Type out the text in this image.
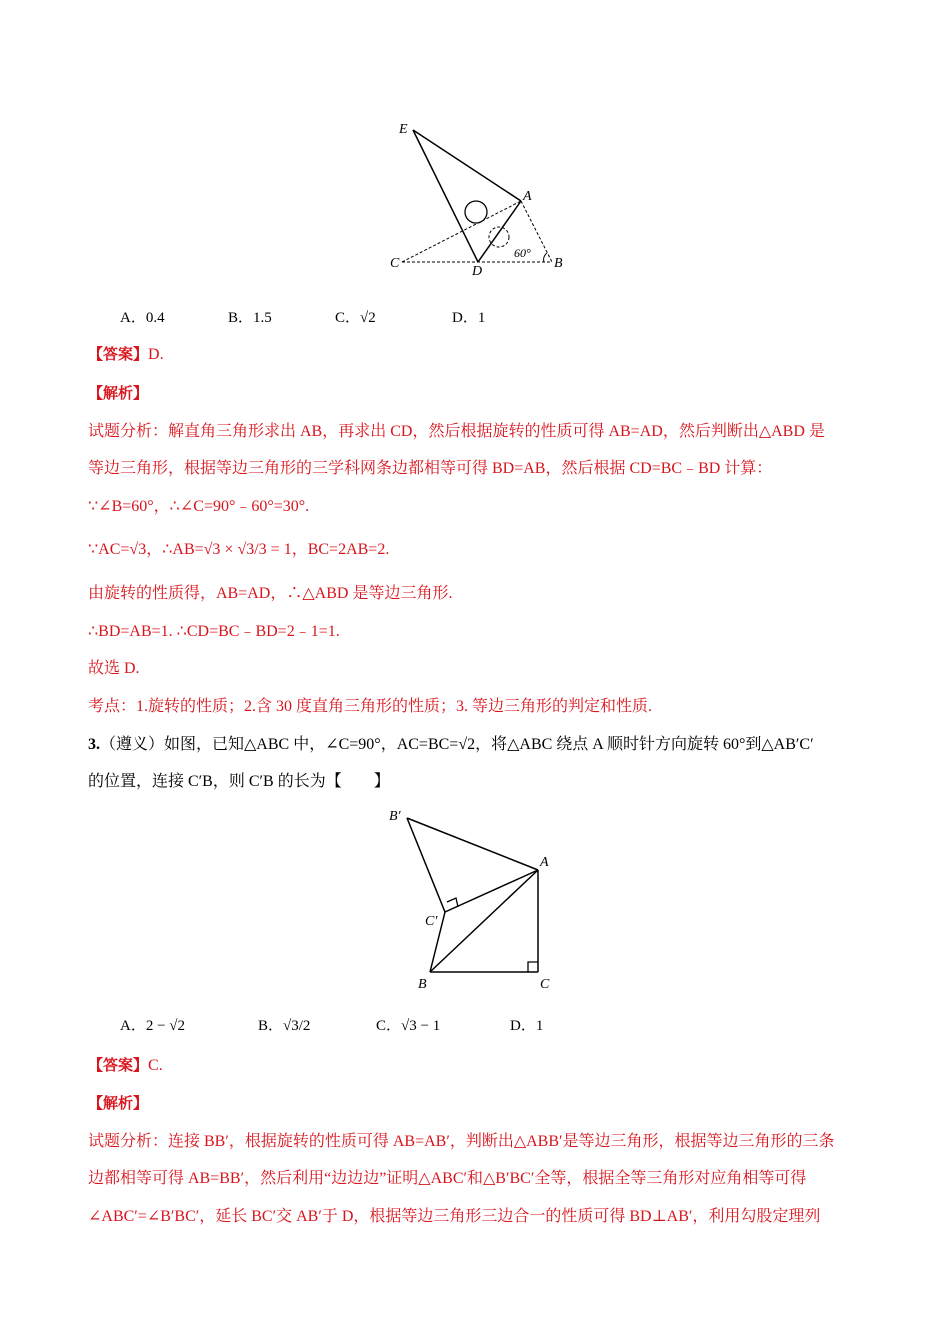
E
A
C
D
B
60°
A．0.4	B．1.5	C．√2	D．1
【答案】D.
【解析】
试题分析：解直角三角形求出 AB，再求出 CD，然后根据旋转的性质可得 AB=AD，然后判断出△ABD 是
等边三角形，根据等边三角形的三学科网条边都相等可得 BD=AB，然后根据 CD=BC﹣BD 计算：
∵∠B=60°，∴∠C=90°﹣60°=30°.
∵AC=√3，∴AB=√3 × √3/3 = 1，BC=2AB=2.
由旋转的性质得，AB=AD，∴△ABD 是等边三角形.
∴BD=AB=1. ∴CD=BC﹣BD=2﹣1=1.
故选 D.
考点：1.旋转的性质；2.含 30 度直角三角形的性质；3. 等边三角形的判定和性质.
3.（遵义）如图，已知△ABC 中，∠C=90°，AC=BC=√2，将△ABC 绕点 A 顺时针方向旋转 60°到△AB′C′
的位置，连接 C′B，则 C′B 的长为【　　】
B′
A
C′
B	C
A．2 − √2	B．√3/2	C．√3 − 1	D．1
【答案】C.
【解析】
试题分析：连接 BB′，根据旋转的性质可得 AB=AB′，判断出△ABB′是等边三角形，根据等边三角形的三条
边都相等可得 AB=BB′，然后利用“边边边”证明△ABC′和△B′BC′全等，根据全等三角形对应角相等可得
∠ABC′=∠B′BC′，延长 BC′交 AB′于 D，根据等边三角形三边合一的性质可得 BD⊥AB′，利用勾股定理列
